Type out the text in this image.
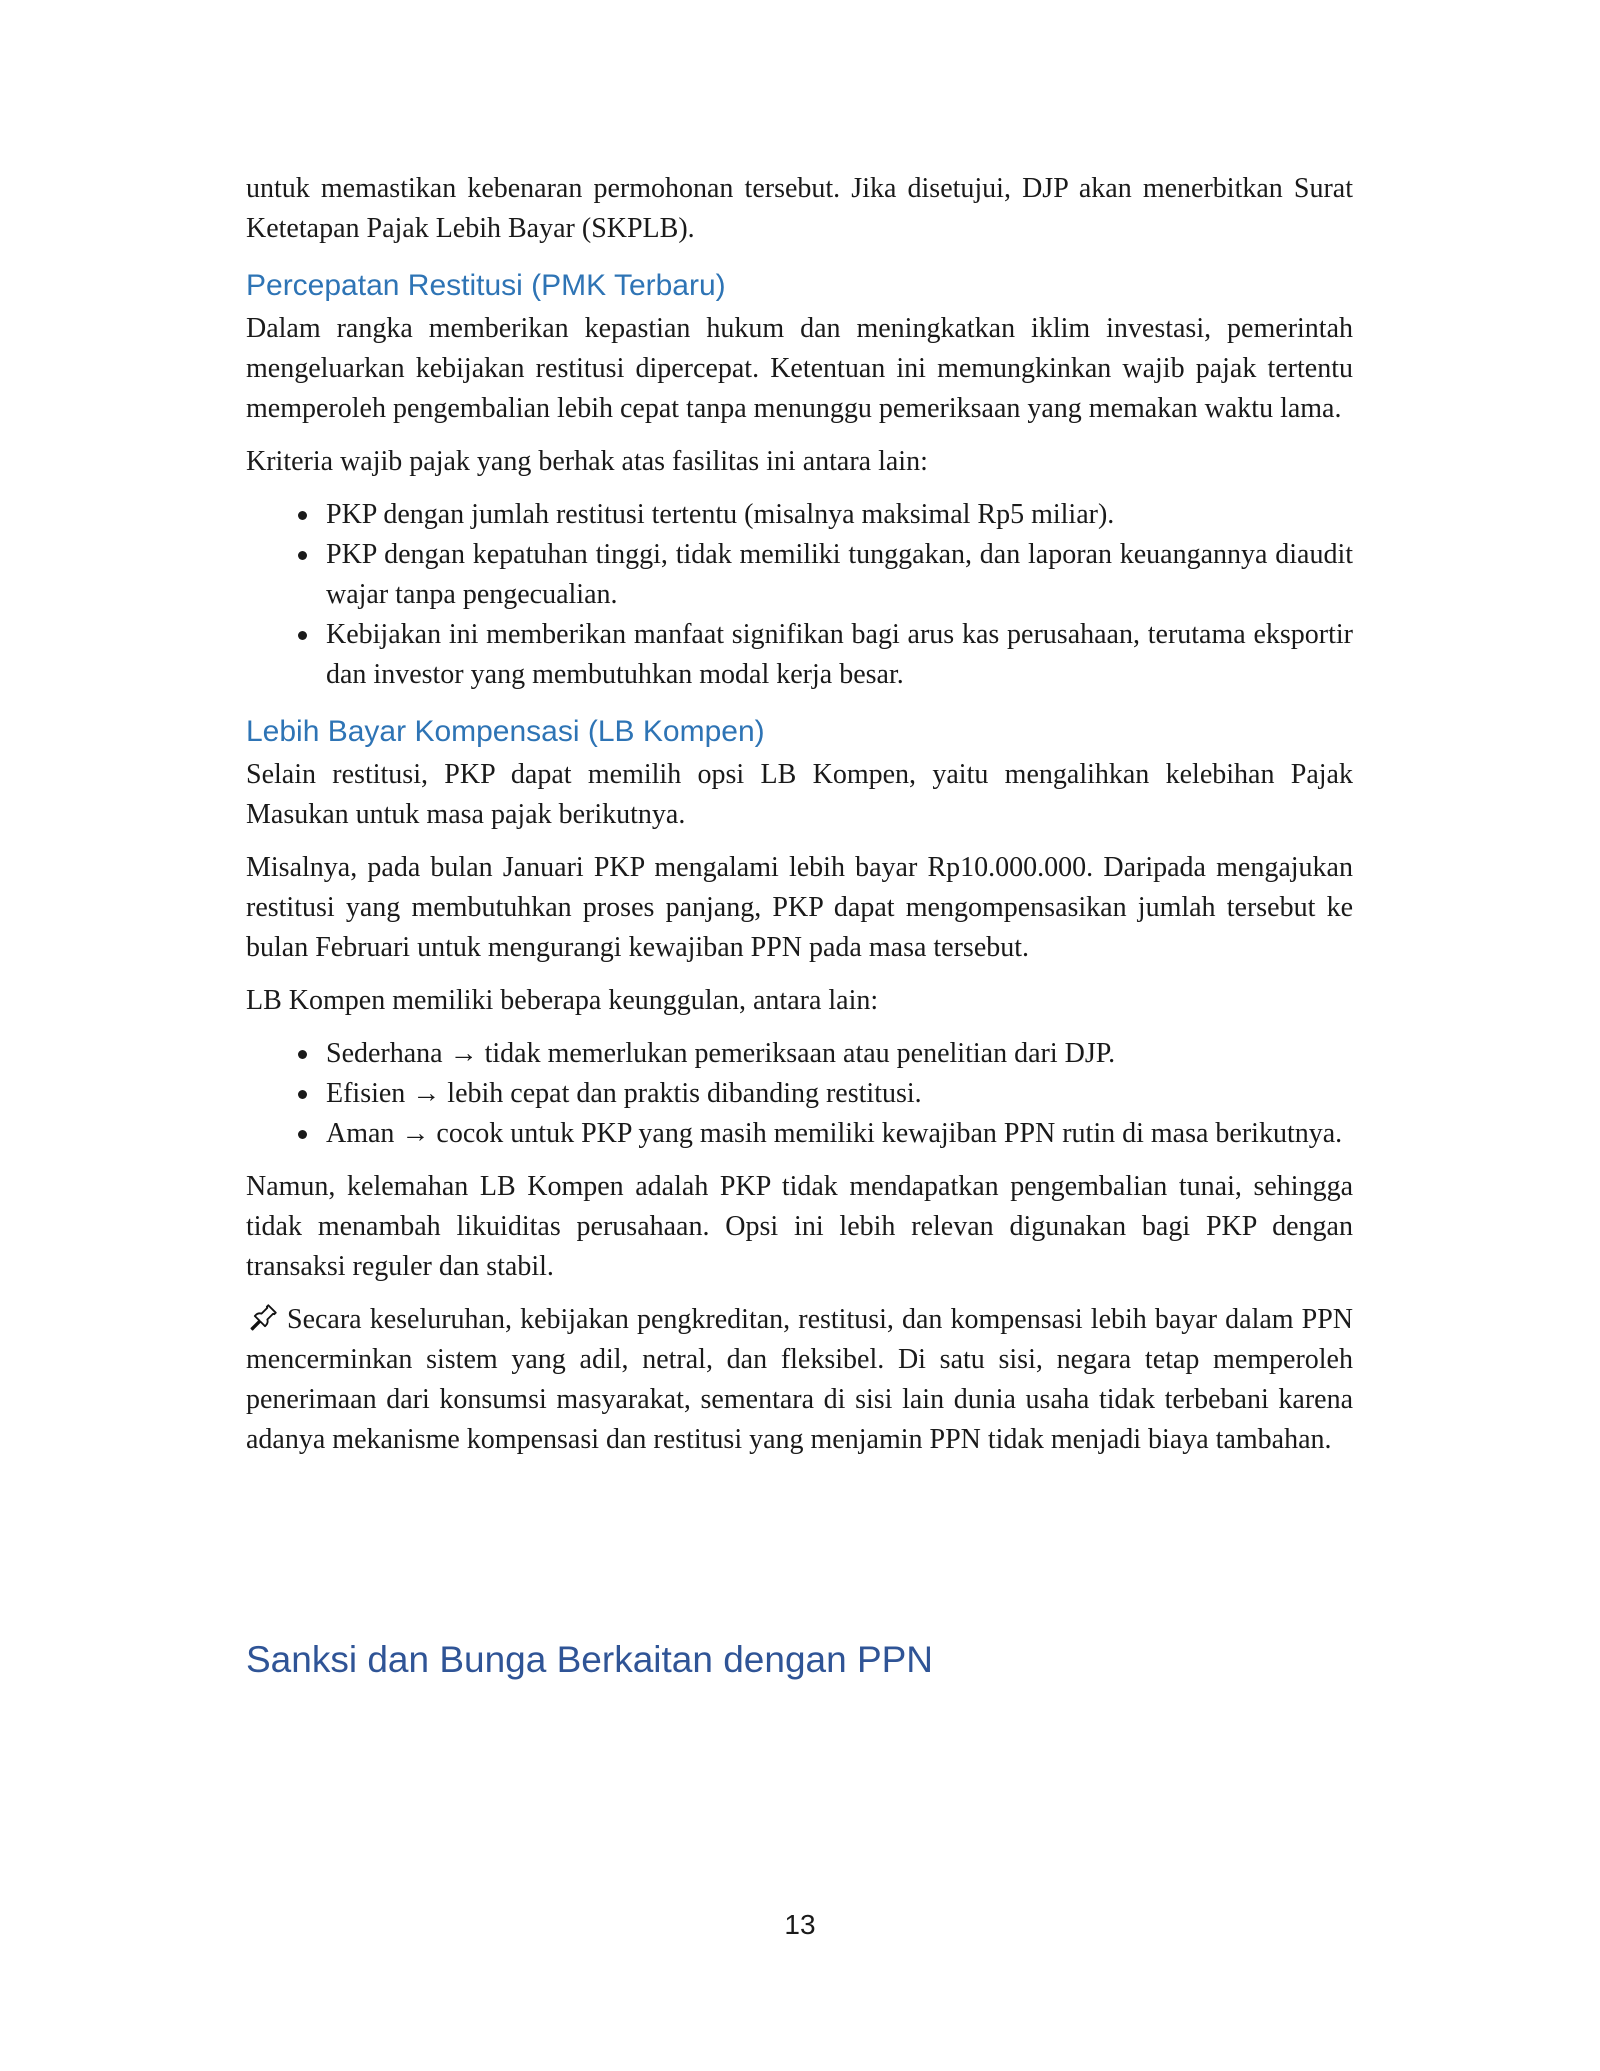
untuk memastikan kebenaran permohonan tersebut. Jika disetujui, DJP akan menerbitkan Surat Ketetapan Pajak Lebih Bayar (SKPLB).

Percepatan Restitusi (PMK Terbaru)

Dalam rangka memberikan kepastian hukum dan meningkatkan iklim investasi, pemerintah mengeluarkan kebijakan restitusi dipercepat. Ketentuan ini memungkinkan wajib pajak tertentu memperoleh pengembalian lebih cepat tanpa menunggu pemeriksaan yang memakan waktu lama.

Kriteria wajib pajak yang berhak atas fasilitas ini antara lain:

PKP dengan jumlah restitusi tertentu (misalnya maksimal Rp5 miliar).
PKP dengan kepatuhan tinggi, tidak memiliki tunggakan, dan laporan keuangannya diaudit wajar tanpa pengecualian.
Kebijakan ini memberikan manfaat signifikan bagi arus kas perusahaan, terutama eksportir dan investor yang membutuhkan modal kerja besar.
Lebih Bayar Kompensasi (LB Kompen)

Selain restitusi, PKP dapat memilih opsi LB Kompen, yaitu mengalihkan kelebihan Pajak Masukan untuk masa pajak berikutnya.

Misalnya, pada bulan Januari PKP mengalami lebih bayar Rp10.000.000. Daripada mengajukan restitusi yang membutuhkan proses panjang, PKP dapat mengompensasikan jumlah tersebut ke bulan Februari untuk mengurangi kewajiban PPN pada masa tersebut.

LB Kompen memiliki beberapa keunggulan, antara lain:

Sederhana → tidak memerlukan pemeriksaan atau penelitian dari DJP.
Efisien → lebih cepat dan praktis dibanding restitusi.
Aman → cocok untuk PKP yang masih memiliki kewajiban PPN rutin di masa berikutnya.

Namun, kelemahan LB Kompen adalah PKP tidak mendapatkan pengembalian tunai, sehingga tidak menambah likuiditas perusahaan. Opsi ini lebih relevan digunakan bagi PKP dengan transaksi reguler dan stabil.

Secara keseluruhan, kebijakan pengkreditan, restitusi, dan kompensasi lebih bayar dalam PPN mencerminkan sistem yang adil, netral, dan fleksibel. Di satu sisi, negara tetap memperoleh penerimaan dari konsumsi masyarakat, sementara di sisi lain dunia usaha tidak terbebani karena adanya mekanisme kompensasi dan restitusi yang menjamin PPN tidak menjadi biaya tambahan.

Sanksi dan Bunga Berkaitan dengan PPN
13
